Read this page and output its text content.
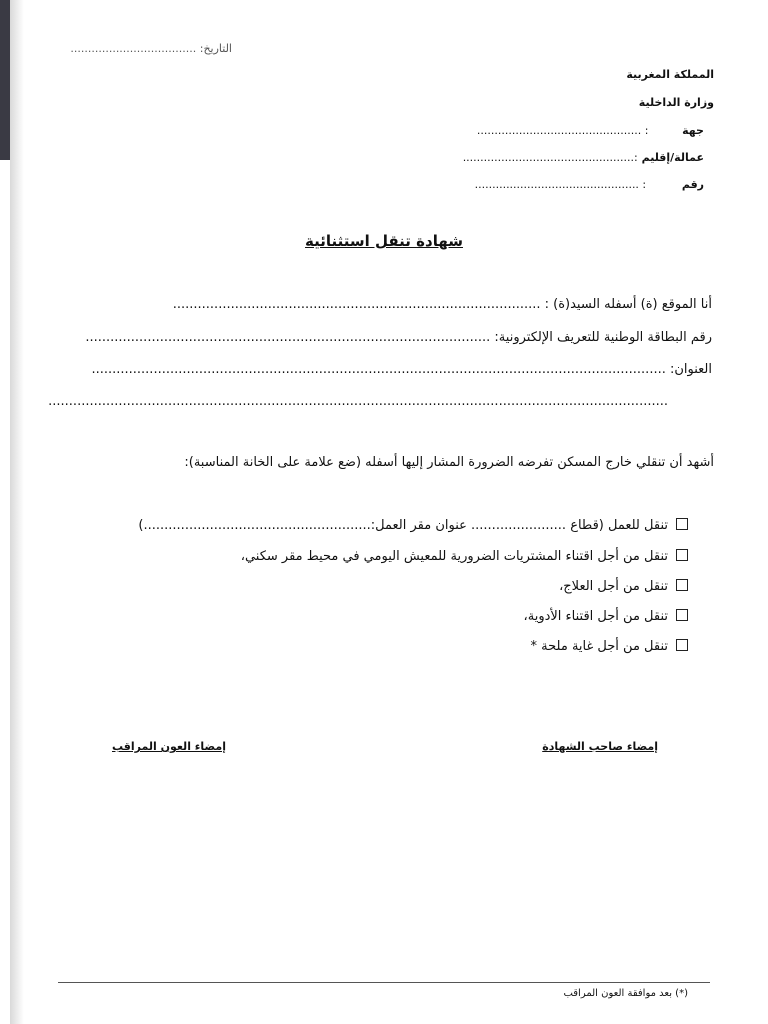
التاريخ: ....................................
المملكة المغربية
وزارة الداخلية
جهة  : ...............................................
عمالة/إقليم :.................................................
رقم  : ...............................................
شهادة تنقل استثنائية
أنا الموقع (ة) أسفله السيد(ة) : .........................................................................................
رقم البطاقة الوطنية للتعريف الإلكترونية: ..................................................................................................
العنوان: ...........................................................................................................................................
......................................................................................................................................................
أشهد أن تنقلي خارج المسكن تفرضه الضرورة المشار إليها أسفله (ضع علامة على الخانة المناسبة):
تنقل للعمل (قطاع ....................... عنوان مقر العمل:.......................................................)
تنقل من أجل اقتناء المشتريات الضرورية للمعيش اليومي في محيط مقر سكني،
تنقل من أجل العلاج،
تنقل من أجل اقتناء الأدوية،
تنقل من أجل غاية ملحة *
إمضاء صاحب الشهادة
إمضاء العون المراقب
(*) بعد موافقة العون المراقب
